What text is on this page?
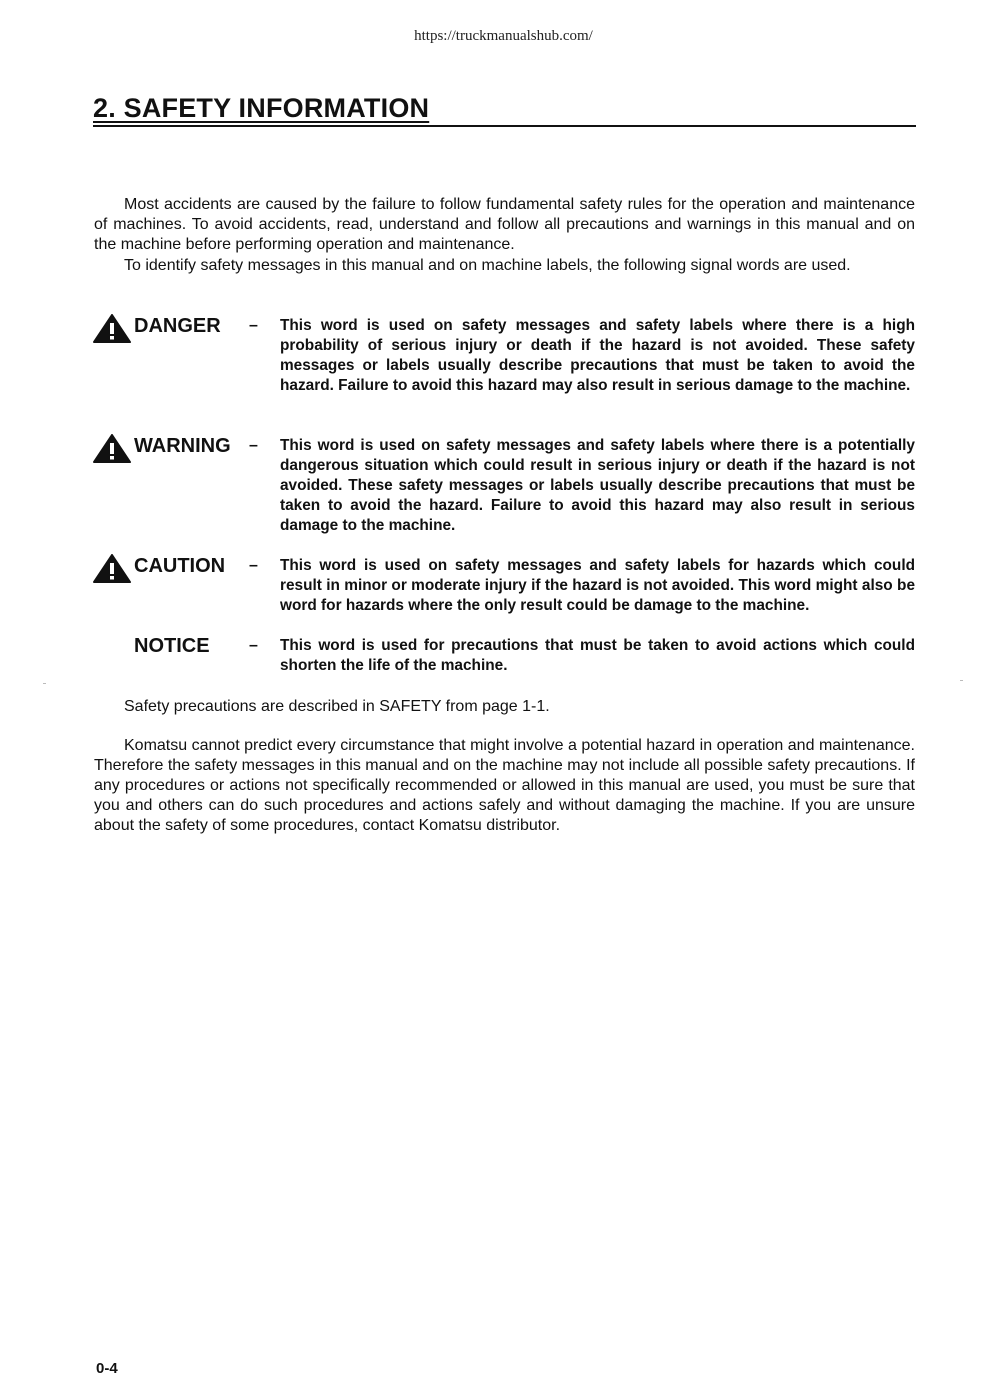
https://truckmanualshub.com/
2. SAFETY INFORMATION
Most accidents are caused by the failure to follow fundamental safety rules for the operation and maintenance of machines. To avoid accidents, read, understand and follow all precautions and warnings in this manual and on the machine before performing operation and maintenance.
To identify safety messages in this manual and on machine labels, the following signal words are used.
DANGER – This word is used on safety messages and safety labels where there is a high probability of serious injury or death if the hazard is not avoided. These safety messages or labels usually describe precautions that must be taken to avoid the hazard. Failure to avoid this hazard may also result in serious damage to the machine.
WARNING – This word is used on safety messages and safety labels where there is a potentially dangerous situation which could result in serious injury or death if the hazard is not avoided. These safety messages or labels usually describe precautions that must be taken to avoid the hazard. Failure to avoid this hazard may also result in serious damage to the machine.
CAUTION – This word is used on safety messages and safety labels for hazards which could result in minor or moderate injury if the hazard is not avoided. This word might also be word for hazards where the only result could be damage to the machine.
NOTICE – This word is used for precautions that must be taken to avoid actions which could shorten the life of the machine.
Safety precautions are described in SAFETY from page 1-1.
Komatsu cannot predict every circumstance that might involve a potential hazard in operation and maintenance. Therefore the safety messages in this manual and on the machine may not include all possible safety precautions. If any procedures or actions not specifically recommended or allowed in this manual are used, you must be sure that you and others can do such procedures and actions safely and without damaging the machine. If you are unsure about the safety of some procedures, contact Komatsu distributor.
0-4
